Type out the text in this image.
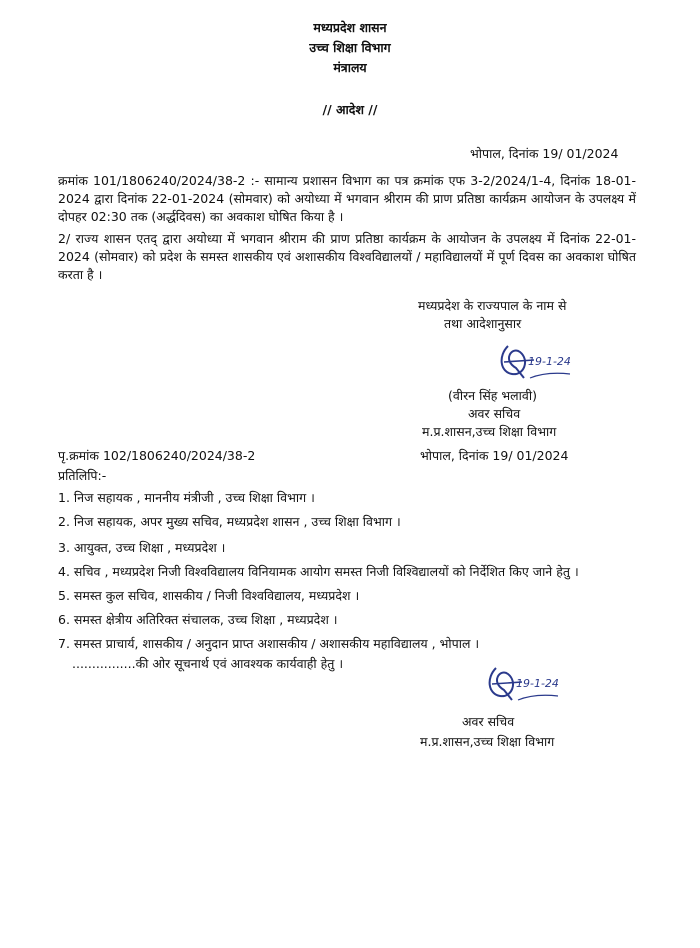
मध्यप्रदेश शासन
उच्च शिक्षा विभाग
मंत्रालय
// आदेश //
भोपाल, दिनांक 19/ 01/2024
क्रमांक 101/1806240/2024/38-2 :- सामान्य प्रशासन विभाग का पत्र क्रमांक एफ 3-2/2024/1-4, दिनांक 18-01-2024 द्वारा दिनांक 22-01-2024 (सोमवार) को अयोध्या में भगवान श्रीराम की प्राण प्रतिष्ठा कार्यक्रम आयोजन के उपलक्ष्य में दोपहर 02:30 तक (अर्द्धदिवस) का अवकाश घोषित किया है ।
2/ राज्य शासन एतद् द्वारा अयोध्या में भगवान श्रीराम की प्राण प्रतिष्ठा कार्यक्रम के आयोजन के उपलक्ष्य में दिनांक 22-01-2024 (सोमवार) को प्रदेश के समस्त शासकीय एवं अशासकीय विश्वविद्यालयों / महाविद्यालयों में पूर्ण दिवस का अवकाश घोषित करता है ।
मध्यप्रदेश के राज्यपाल के नाम से
तथा आदेशानुसार
19-1-24
(वीरन सिंह भलावी)
अवर सचिव
म.प्र.शासन,उच्च शिक्षा विभाग
पृ.क्रमांक 102/1806240/2024/38-2	भोपाल, दिनांक 19/ 01/2024
प्रतिलिपि:-
1. निज सहायक , माननीय मंत्रीजी , उच्च शिक्षा विभाग ।
2. निज सहायक, अपर मुख्य सचिव, मध्यप्रदेश शासन , उच्च शिक्षा विभाग ।
3. आयुक्त, उच्च शिक्षा , मध्यप्रदेश ।
4. सचिव , मध्यप्रदेश निजी विश्वविद्यालय विनियामक आयोग समस्त निजी विश्विद्यालयों को निर्देशित किए जाने हेतु ।
5. समस्त कुल सचिव, शासकीय / निजी विश्वविद्यालय, मध्यप्रदेश ।
6. समस्त क्षेत्रीय अतिरिक्त संचालक, उच्च शिक्षा , मध्यप्रदेश ।
7. समस्त प्राचार्य, शासकीय / अनुदान प्राप्त अशासकीय / अशासकीय महाविद्यालय , भोपाल ।
................की ओर सूचनार्थ एवं आवश्यक कार्यवाही हेतु ।
19-1-24
अवर सचिव
म.प्र.शासन,उच्च शिक्षा विभाग
